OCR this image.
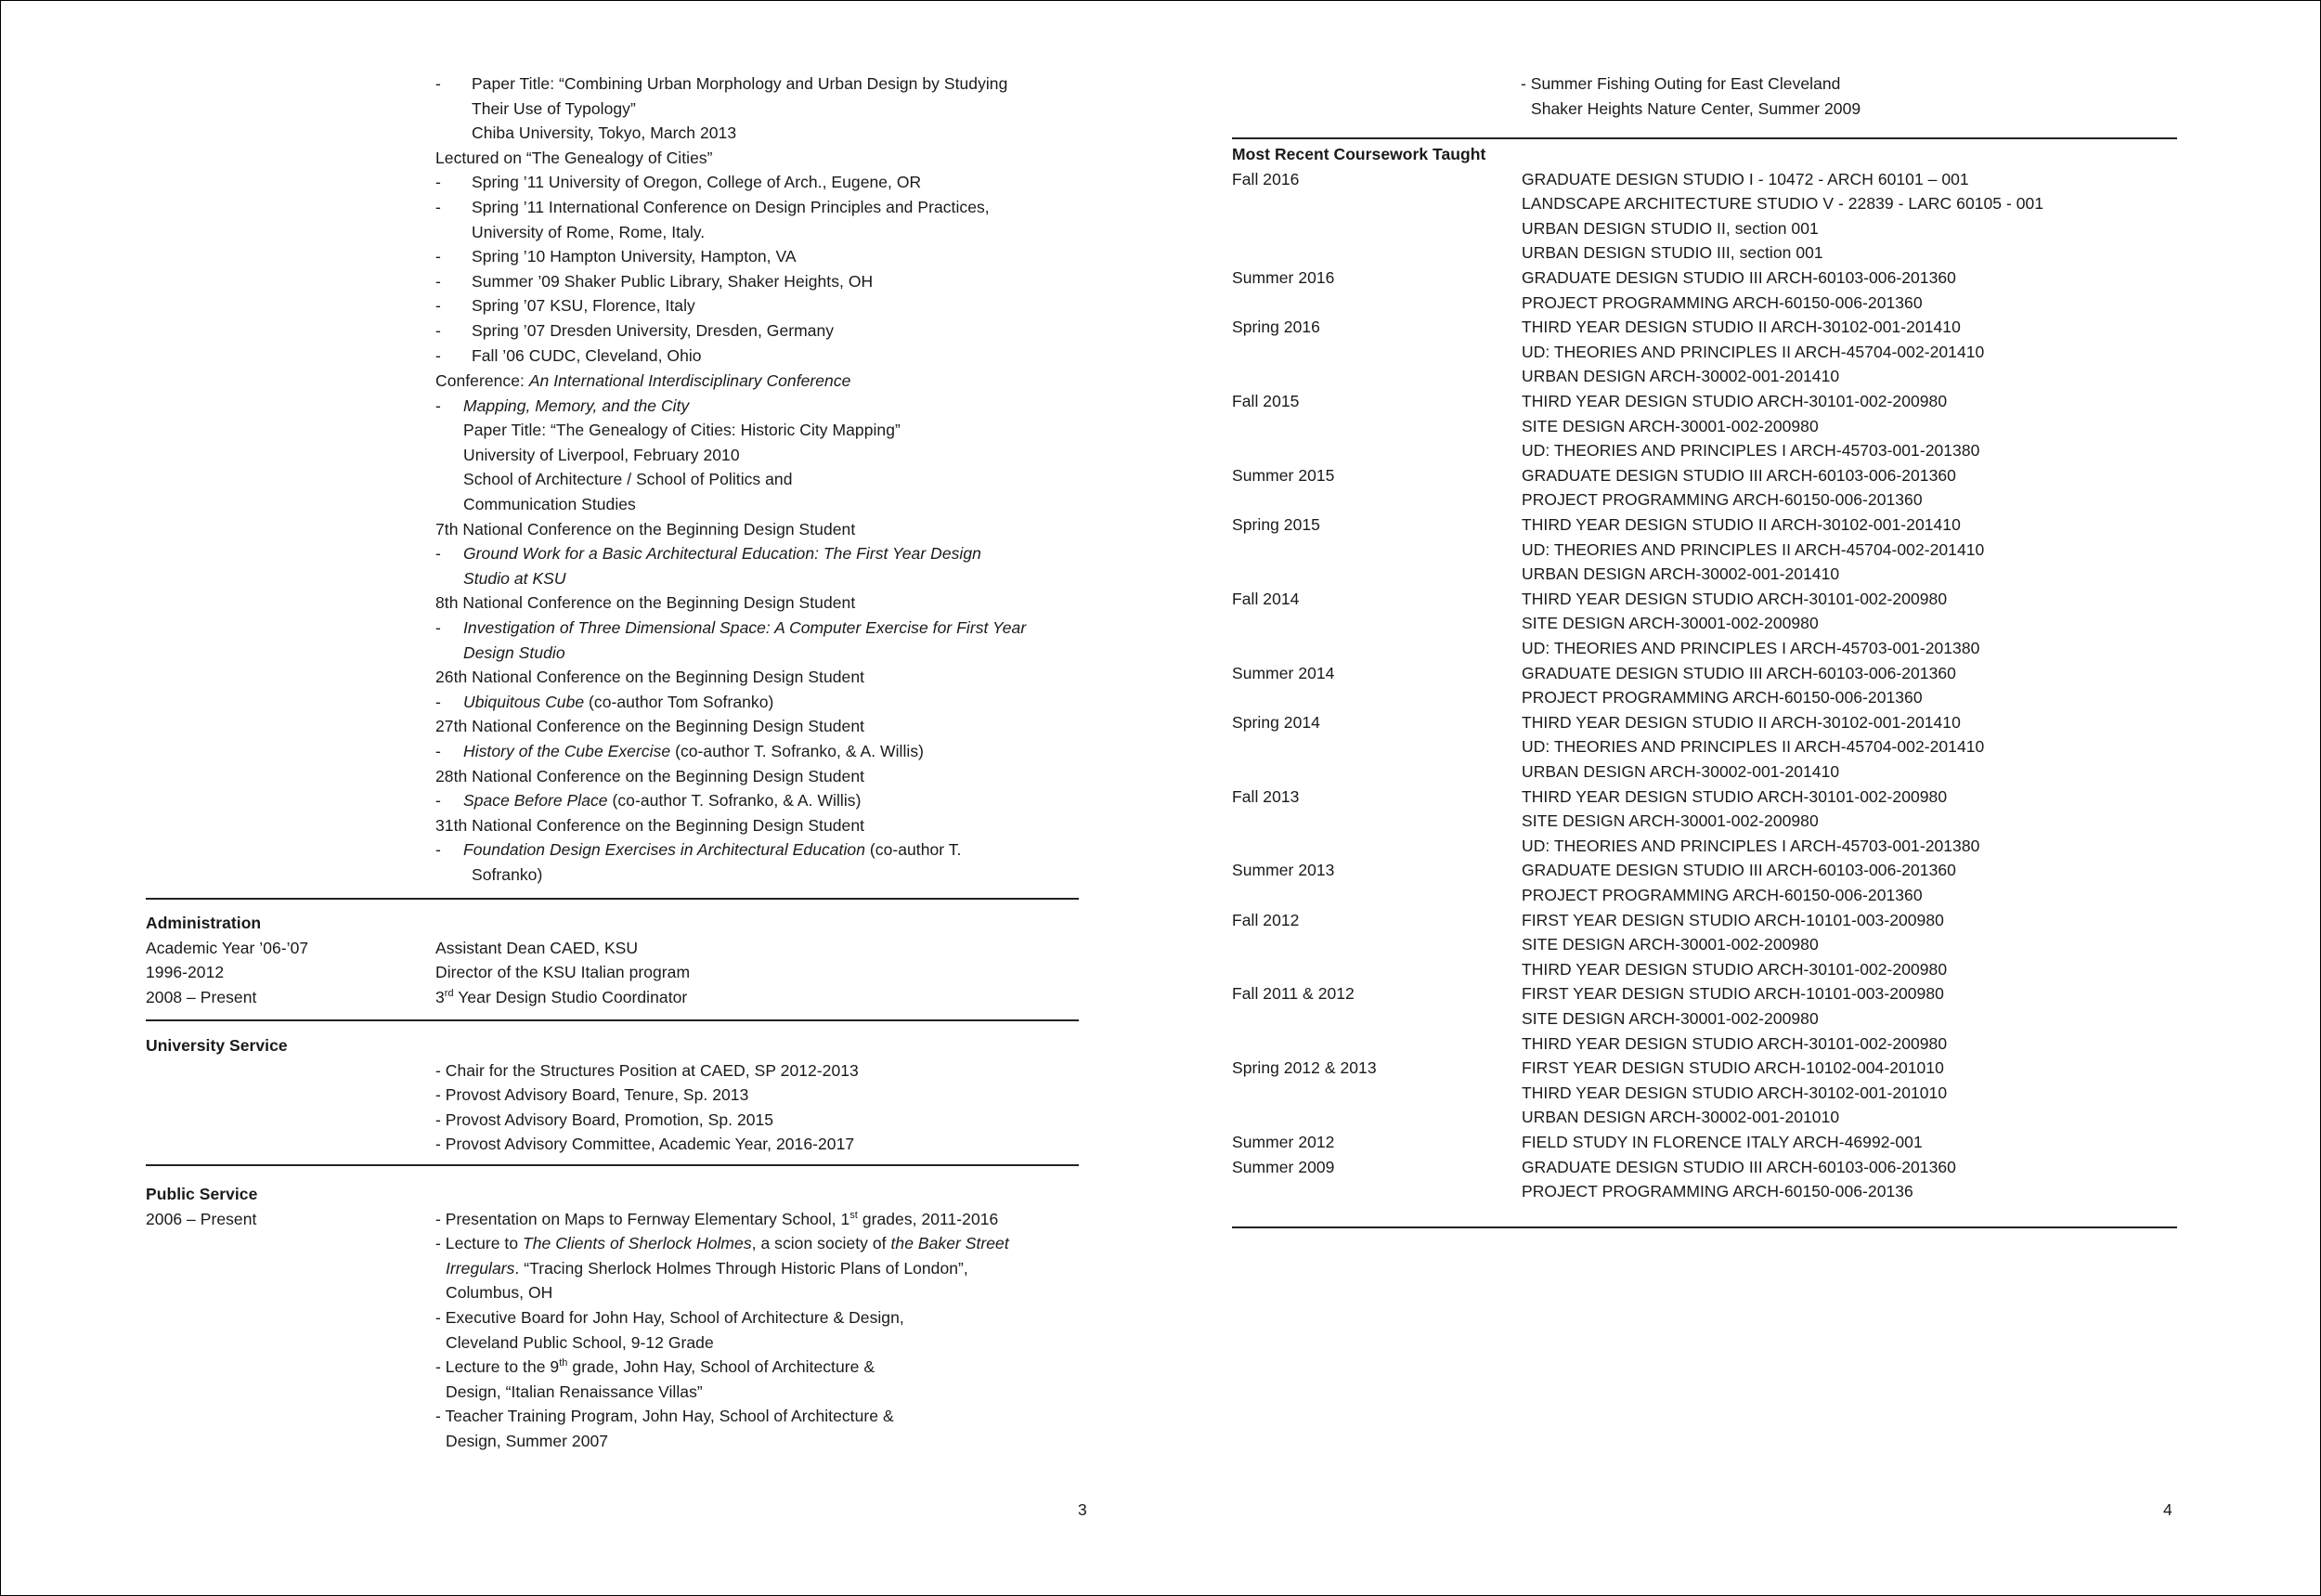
- Paper Title: “Combining Urban Morphology and Urban Design by Studying
Their Use of Typology”
Chiba University, Tokyo, March 2013
Lectured on “The Genealogy of Cities”
- Spring ’11 University of Oregon, College of Arch., Eugene, OR
- Spring ’11 International Conference on Design Principles and Practices,
University of Rome, Rome, Italy.
- Spring ’10 Hampton University, Hampton, VA
- Summer ’09 Shaker Public Library, Shaker Heights, OH
- Spring ’07 KSU, Florence, Italy
- Spring ’07 Dresden University, Dresden, Germany
- Fall ’06 CUDC, Cleveland, Ohio
Conference: An International Interdisciplinary Conference
- Mapping, Memory, and the City
Paper Title: “The Genealogy of Cities: Historic City Mapping”
University of Liverpool, February 2010
School of Architecture / School of Politics and
Communication Studies
7th National Conference on the Beginning Design Student
- Ground Work for a Basic Architectural Education: The First Year Design
Studio at KSU
8th National Conference on the Beginning Design Student
- Investigation of Three Dimensional Space: A Computer Exercise for First Year
Design Studio
26th National Conference on the Beginning Design Student
- Ubiquitous Cube (co-author Tom Sofranko)
27th National Conference on the Beginning Design Student
- History of the Cube Exercise (co-author T. Sofranko, & A. Willis)
28th National Conference on the Beginning Design Student
- Space Before Place (co-author T. Sofranko, & A. Willis)
31th National Conference on the Beginning Design Student
- Foundation Design Exercises in Architectural Education (co-author T.
Sofranko)
Administration
Academic Year ’06-’07	Assistant Dean CAED, KSU
1996-2012	Director of the KSU Italian program
2008 – Present	3rd Year Design Studio Coordinator
University Service
- Chair for the Structures Position at CAED, SP 2012-2013
- Provost Advisory Board, Tenure, Sp. 2013
- Provost Advisory Board, Promotion, Sp. 2015
- Provost Advisory Committee, Academic Year, 2016-2017
Public Service
2006 – Present	- Presentation on Maps to Fernway Elementary School, 1st grades, 2011-2016
- Lecture to The Clients of Sherlock Holmes, a scion society of the Baker Street
Irregulars. “Tracing Sherlock Holmes Through Historic Plans of London”,
Columbus, OH
- Executive Board for John Hay, School of Architecture & Design,
Cleveland Public School, 9-12 Grade
- Lecture to the 9th grade, John Hay, School of Architecture &
Design, “Italian Renaissance Villas”
- Teacher Training Program, John Hay, School of Architecture &
Design, Summer 2007
3
- Summer Fishing Outing for East Cleveland
Shaker Heights Nature Center, Summer 2009
Most Recent Coursework Taught
Fall 2016	GRADUATE DESIGN STUDIO I - 10472 - ARCH 60101 – 001
LANDSCAPE ARCHITECTURE STUDIO V - 22839 - LARC 60105 - 001
URBAN DESIGN STUDIO II, section 001
URBAN DESIGN STUDIO III, section 001
Summer 2016	GRADUATE DESIGN STUDIO III ARCH-60103-006-201360
PROJECT PROGRAMMING ARCH-60150-006-201360
Spring 2016	THIRD YEAR DESIGN STUDIO II ARCH-30102-001-201410
UD: THEORIES AND PRINCIPLES II ARCH-45704-002-201410
URBAN DESIGN ARCH-30002-001-201410
Fall 2015	THIRD YEAR DESIGN STUDIO ARCH-30101-002-200980
SITE DESIGN ARCH-30001-002-200980
UD: THEORIES AND PRINCIPLES I ARCH-45703-001-201380
Summer 2015	GRADUATE DESIGN STUDIO III ARCH-60103-006-201360
PROJECT PROGRAMMING ARCH-60150-006-201360
Spring 2015	THIRD YEAR DESIGN STUDIO II ARCH-30102-001-201410
UD: THEORIES AND PRINCIPLES II ARCH-45704-002-201410
URBAN DESIGN ARCH-30002-001-201410
Fall 2014	THIRD YEAR DESIGN STUDIO ARCH-30101-002-200980
SITE DESIGN ARCH-30001-002-200980
UD: THEORIES AND PRINCIPLES I ARCH-45703-001-201380
Summer 2014	GRADUATE DESIGN STUDIO III ARCH-60103-006-201360
PROJECT PROGRAMMING ARCH-60150-006-201360
Spring 2014	THIRD YEAR DESIGN STUDIO II ARCH-30102-001-201410
UD: THEORIES AND PRINCIPLES II ARCH-45704-002-201410
URBAN DESIGN ARCH-30002-001-201410
Fall 2013	THIRD YEAR DESIGN STUDIO ARCH-30101-002-200980
SITE DESIGN ARCH-30001-002-200980
UD: THEORIES AND PRINCIPLES I ARCH-45703-001-201380
Summer 2013	GRADUATE DESIGN STUDIO III ARCH-60103-006-201360
PROJECT PROGRAMMING ARCH-60150-006-201360
Fall 2012	FIRST YEAR DESIGN STUDIO ARCH-10101-003-200980
SITE DESIGN ARCH-30001-002-200980
THIRD YEAR DESIGN STUDIO ARCH-30101-002-200980
Fall 2011 & 2012	FIRST YEAR DESIGN STUDIO ARCH-10101-003-200980
SITE DESIGN ARCH-30001-002-200980
THIRD YEAR DESIGN STUDIO ARCH-30101-002-200980
Spring 2012 & 2013	FIRST YEAR DESIGN STUDIO ARCH-10102-004-201010
THIRD YEAR DESIGN STUDIO ARCH-30102-001-201010
URBAN DESIGN ARCH-30002-001-201010
Summer 2012	FIELD STUDY IN FLORENCE ITALY ARCH-46992-001
Summer 2009	GRADUATE DESIGN STUDIO III ARCH-60103-006-201360
PROJECT PROGRAMMING ARCH-60150-006-20136
4
